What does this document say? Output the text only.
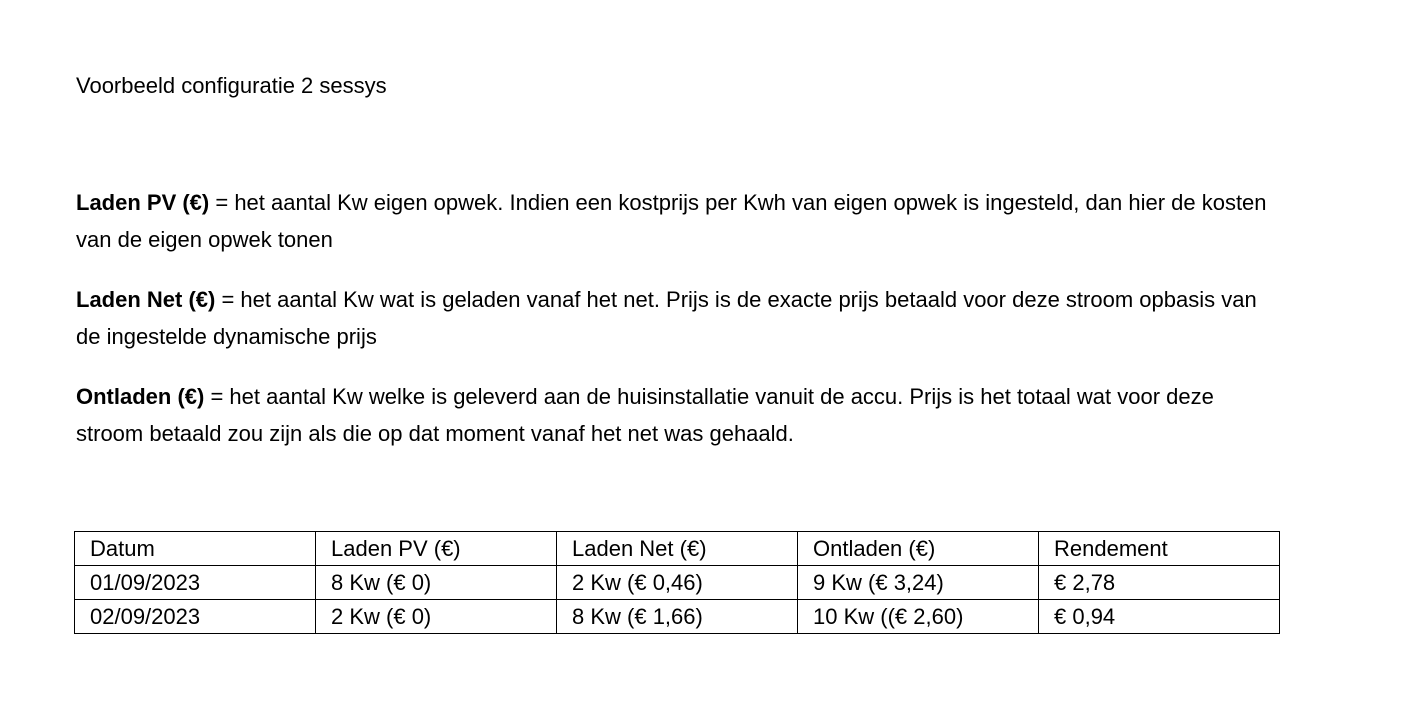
Voorbeeld configuratie 2 sessys

Laden PV (€) = het aantal Kw eigen opwek. Indien een kostprijs per Kwh van eigen opwek is ingesteld, dan hier de kosten van de eigen opwek tonen

Laden Net (€) = het aantal Kw wat is geladen vanaf het net. Prijs is de exacte prijs betaald voor deze stroom opbasis van de ingestelde dynamische prijs

Ontladen (€) = het aantal Kw welke is geleverd aan de huisinstallatie vanuit de accu. Prijs is het totaal wat voor deze stroom betaald zou zijn als die op dat moment vanaf het net was gehaald.

Datum	Laden PV (€)	Laden Net (€)	Ontladen (€)	Rendement
01/09/2023	8 Kw (€ 0)	2 Kw (€ 0,46)	9 Kw (€ 3,24)	€ 2,78
02/09/2023	2 Kw (€ 0)	8 Kw (€ 1,66)	10 Kw ((€ 2,60)	€ 0,94
